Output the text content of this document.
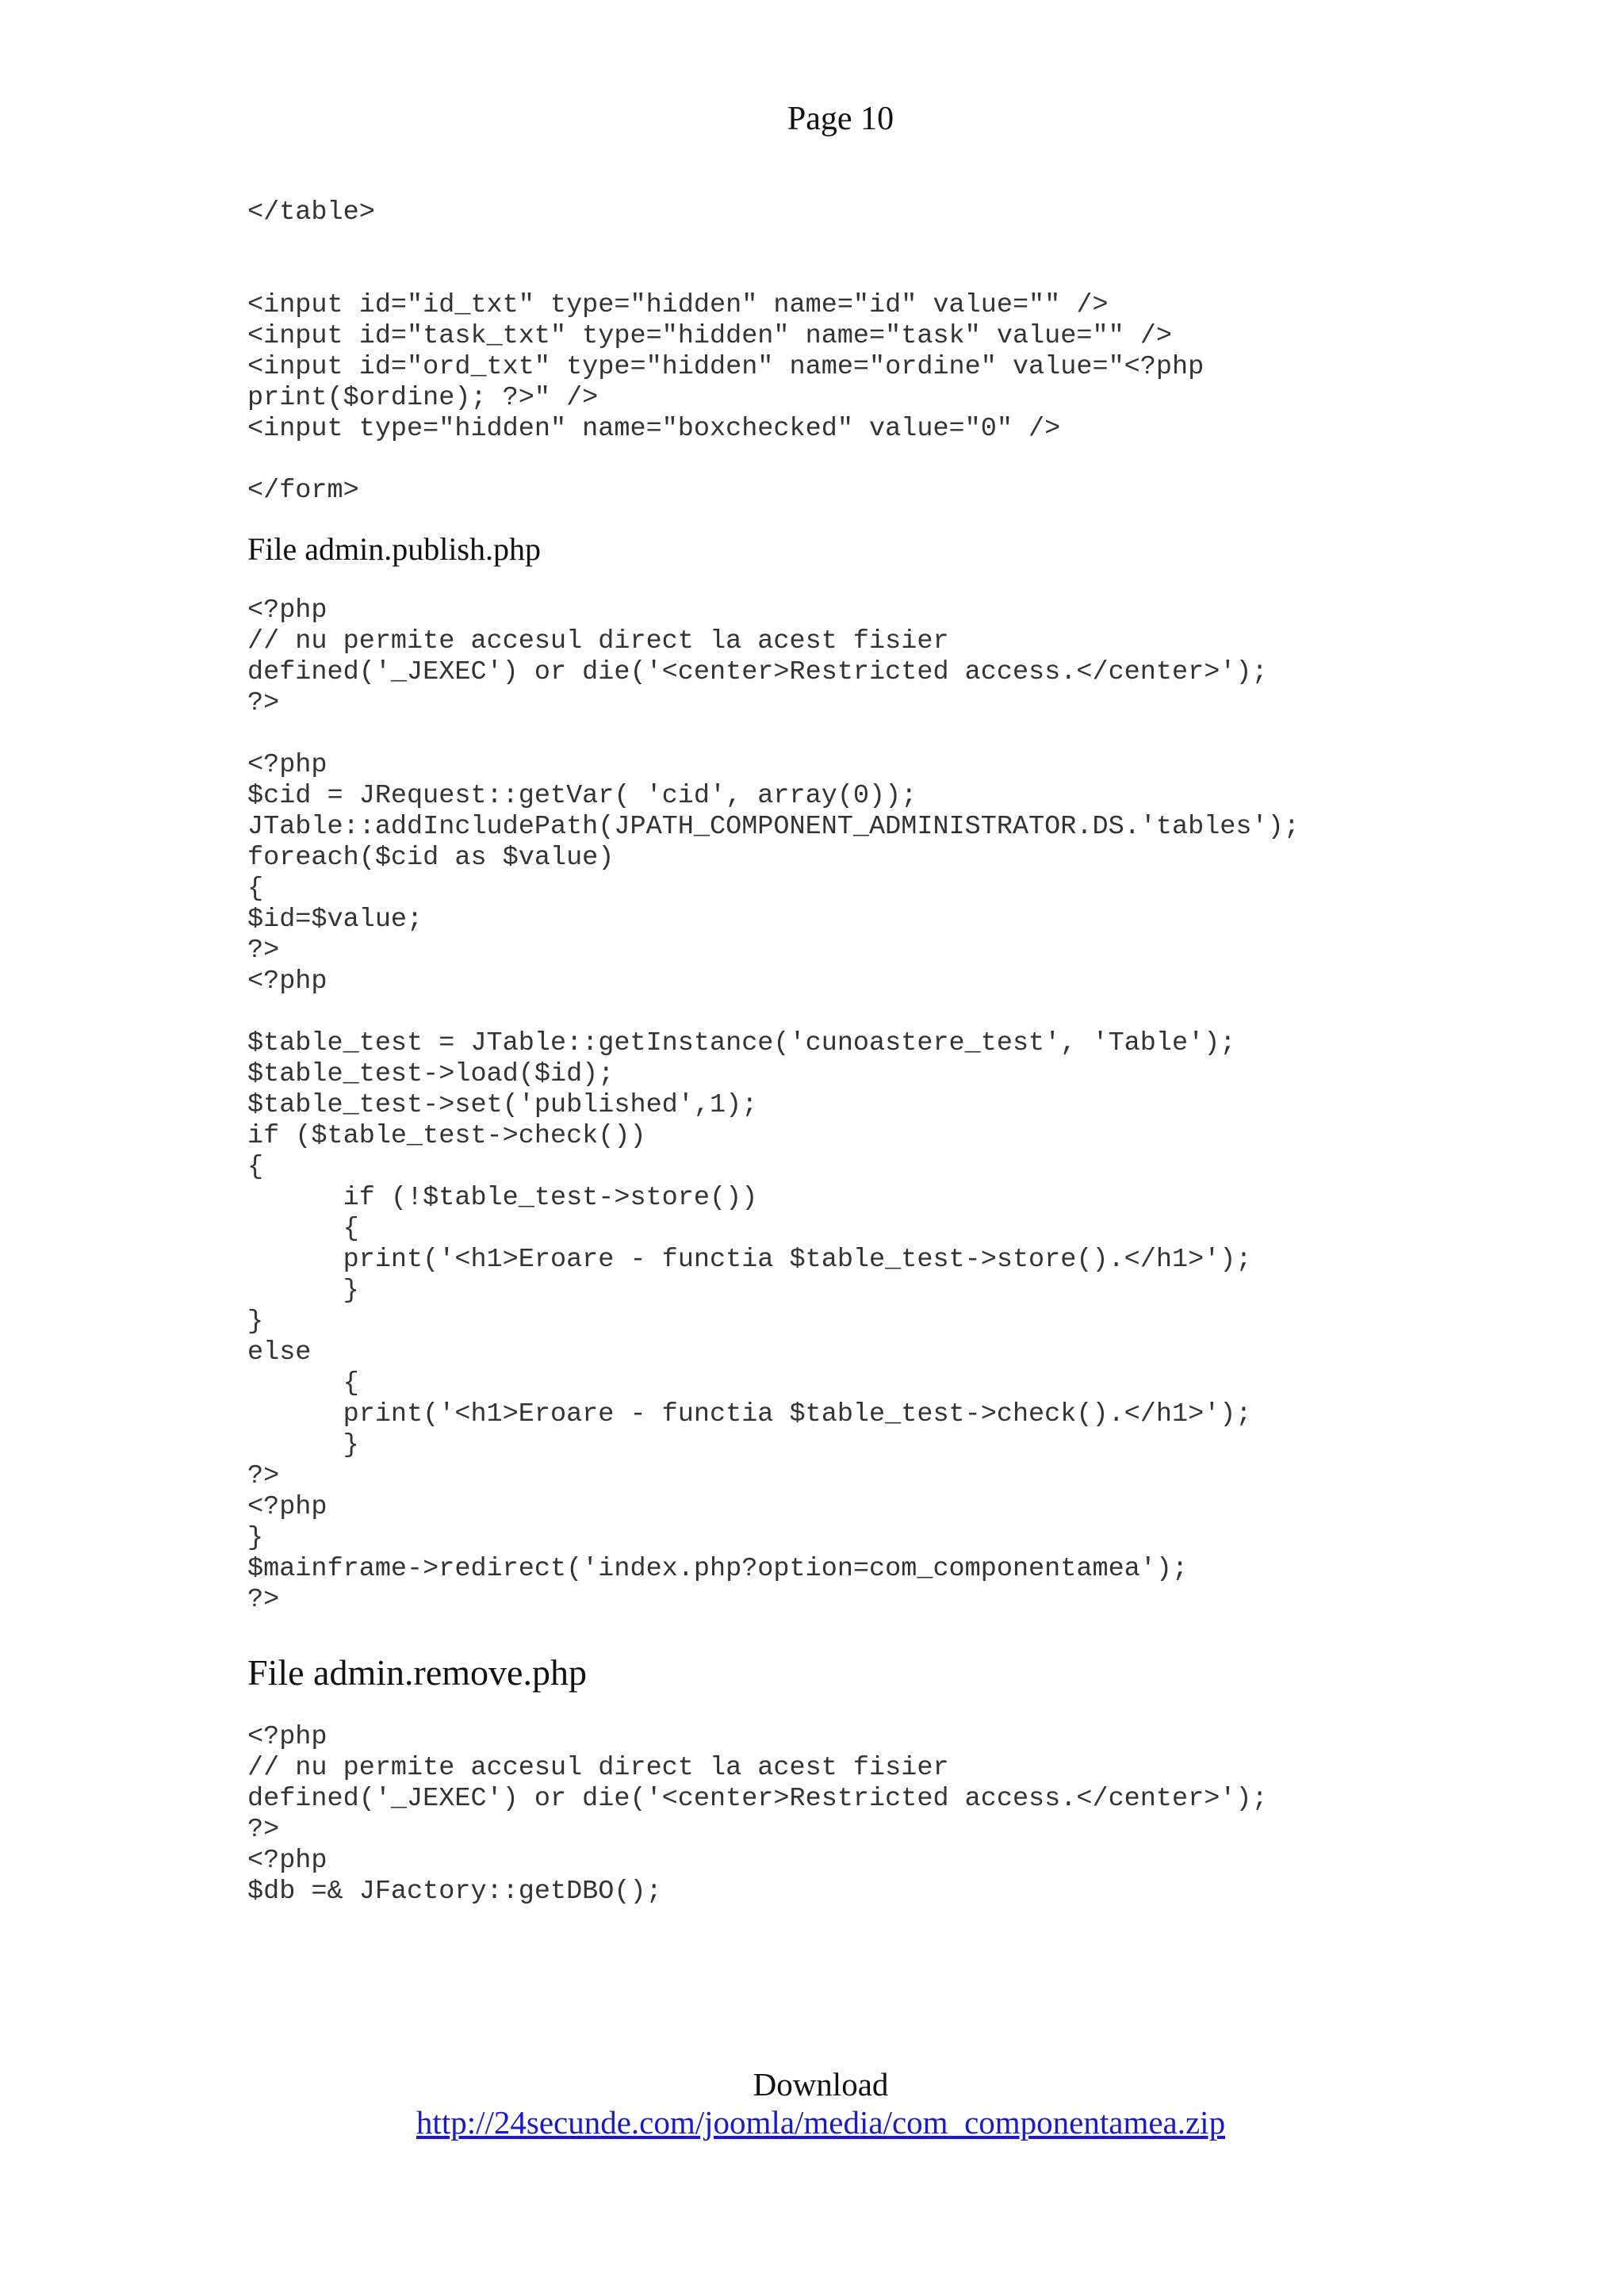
Page 10
</table>

<input id="id_txt" type="hidden" name="id" value="" />
<input id="task_txt" type="hidden" name="task" value="" />
<input id="ord_txt" type="hidden" name="ordine" value="<?php
print($ordine); ?>" />
<input type="hidden" name="boxchecked" value="0" />

</form>
File admin.publish.php
<?php
// nu permite accesul direct la acest fisier
defined('_JEXEC') or die('<center>Restricted access.</center>');
?>

<?php
$cid = JRequest::getVar( 'cid', array(0));
JTable::addIncludePath(JPATH_COMPONENT_ADMINISTRATOR.DS.'tables');
foreach($cid as $value)
{
$id=$value;
?>
<?php

$table_test = JTable::getInstance('cunoastere_test', 'Table');
$table_test->load($id);
$table_test->set('published',1);
if ($table_test->check())
{
if (!$table_test->store())
{
print('<h1>Eroare - functia $table_test->store().</h1>');
}
}
else
{
print('<h1>Eroare - functia $table_test->check().</h1>');
}
?>
<?php
}
$mainframe->redirect('index.php?option=com_componentamea');
?>
File admin.remove.php
<?php
// nu permite accesul direct la acest fisier
defined('_JEXEC') or die('<center>Restricted access.</center>');
?>
<?php
$db =& JFactory::getDBO();
Download
http://24secunde.com/joomla/media/com_componentamea.zip
